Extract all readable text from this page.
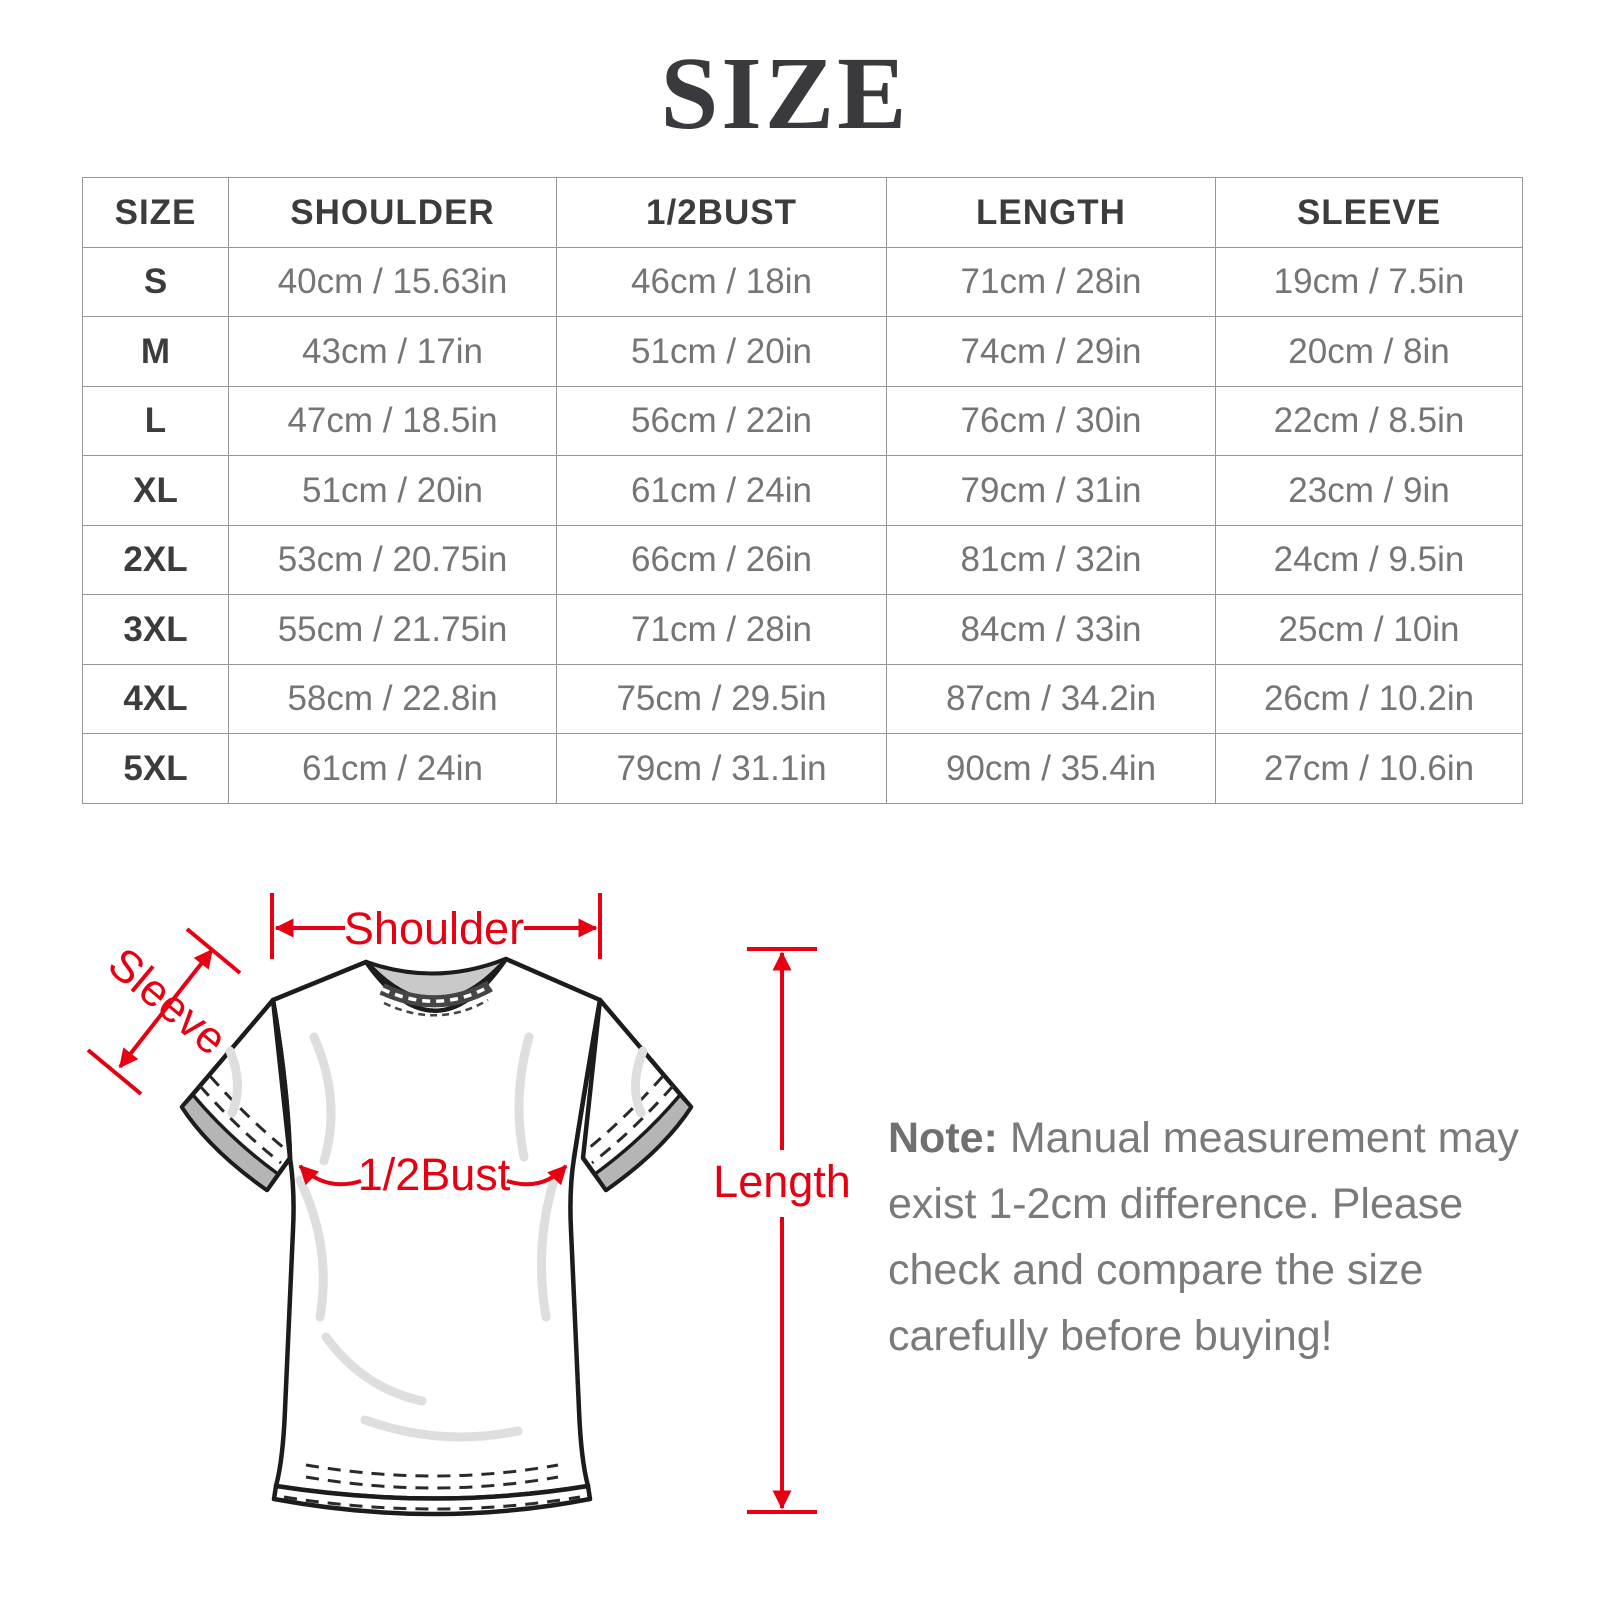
SIZE
SIZE	SHOULDER	1/2BUST	LENGTH	SLEEVE
S	40cm / 15.63in	46cm / 18in	71cm / 28in	19cm / 7.5in
M	43cm / 17in	51cm / 20in	74cm / 29in	20cm / 8in
L	47cm / 18.5in	56cm / 22in	76cm / 30in	22cm / 8.5in
XL	51cm / 20in	61cm / 24in	79cm / 31in	23cm / 9in
2XL	53cm / 20.75in	66cm / 26in	81cm / 32in	24cm / 9.5in
3XL	55cm / 21.75in	71cm / 28in	84cm / 33in	25cm / 10in
4XL	58cm / 22.8in	75cm / 29.5in	87cm / 34.2in	26cm / 10.2in
5XL	61cm / 24in	79cm / 31.1in	90cm / 35.4in	27cm / 10.6in
Shoulder
Sleeve
1/2Bust	Length

Note: Manual measurement may exist 1-2cm difference. Please check and compare the size carefully before buying!
